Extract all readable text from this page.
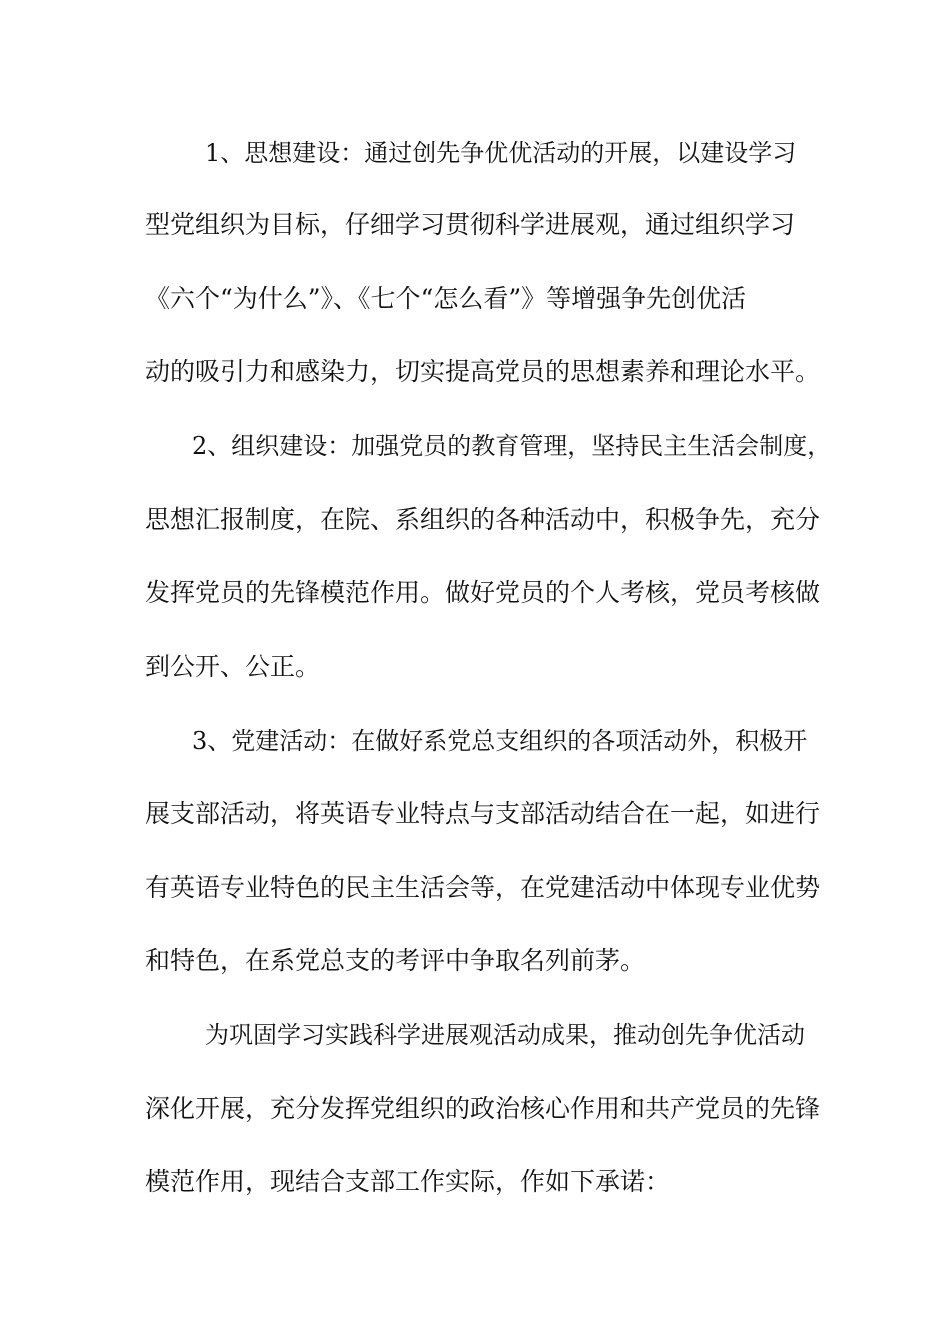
1、思想建设：通过创先争优优活动的开展，以建设学习
型党组织为目标，仔细学习贯彻科学进展观，通过组织学习
《六个“为什么”》、《七个“怎么看”》等增强争先创优活
动的吸引力和感染力，切实提高党员的思想素养和理论水平。
2、组织建设：加强党员的教育管理，坚持民主生活会制度，
思想汇报制度，在院、系组织的各种活动中，积极争先，充分
发挥党员的先锋模范作用。做好党员的个人考核，党员考核做
到公开、公正。
3、党建活动：在做好系党总支组织的各项活动外，积极开
展支部活动，将英语专业特点与支部活动结合在一起，如进行
有英语专业特色的民主生活会等，在党建活动中体现专业优势
和特色，在系党总支的考评中争取名列前茅。
为巩固学习实践科学进展观活动成果，推动创先争优活动
深化开展，充分发挥党组织的政治核心作用和共产党员的先锋
模范作用，现结合支部工作实际，作如下承诺：
